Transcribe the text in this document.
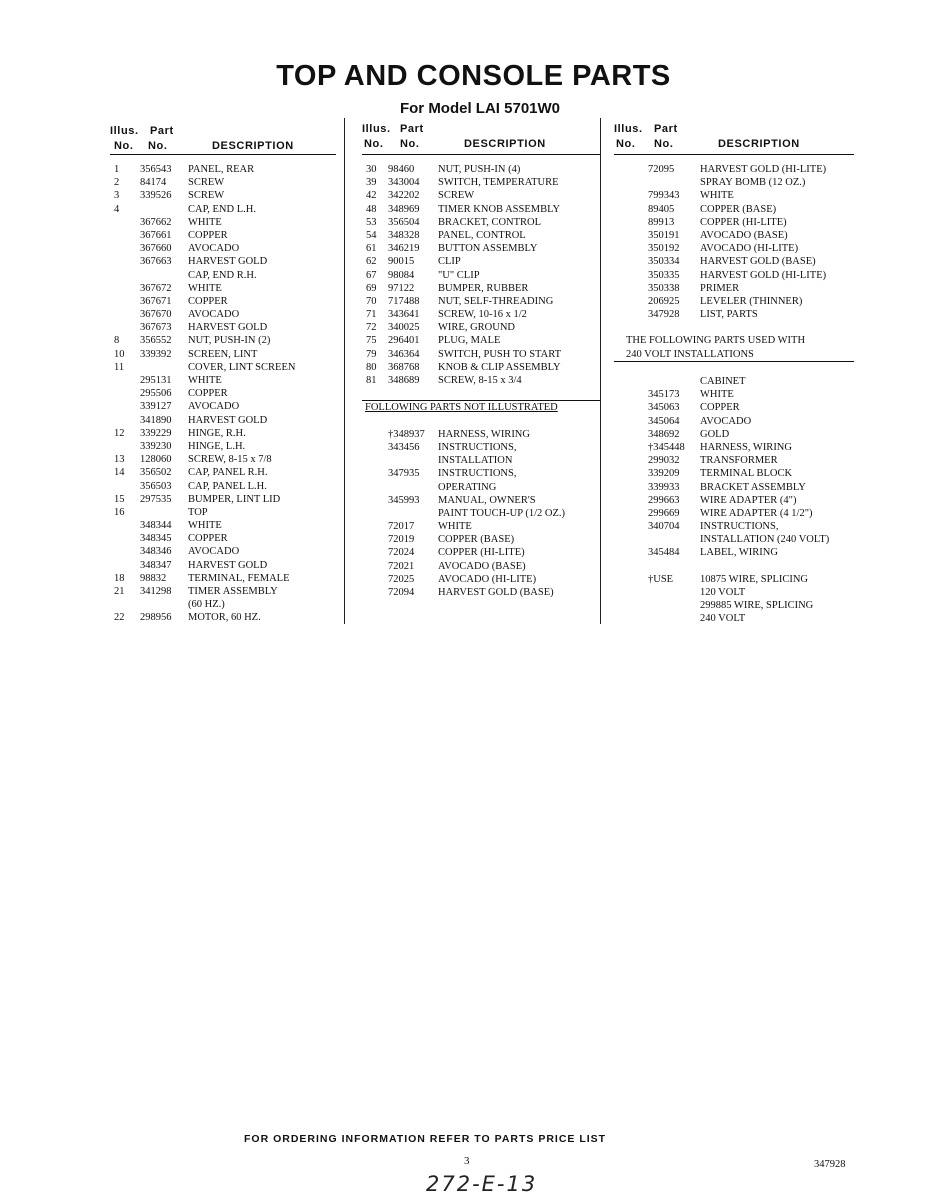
TOP AND CONSOLE PARTS
For Model LAI 5701W0
Illus. Part
No. No.	DESCRIPTION
1 356543 PANEL, REAR
2 84174 SCREW
3 339526 SCREW
4	CAP, END L.H.
367662 WHITE
367661 COPPER
367660 AVOCADO
367663 HARVEST GOLD
CAP, END R.H.
367672 WHITE
367671 COPPER
367670 AVOCADO
367673 HARVEST GOLD
8 356552 NUT, PUSH-IN (2)
10 339392 SCREEN, LINT
11	COVER, LINT SCREEN
295131 WHITE
295506 COPPER
339127 AVOCADO
341890 HARVEST GOLD
12 339229 HINGE, R.H.
339230 HINGE, L.H.
13 128060 SCREW, 8-15 x 7/8
14 356502 CAP, PANEL R.H.
356503 CAP, PANEL L.H.
15 297535 BUMPER, LINT LID
16	TOP
348344 WHITE
348345 COPPER
348346 AVOCADO
348347 HARVEST GOLD
18 98832 TERMINAL, FEMALE
21 341298 TIMER ASSEMBLY
(60 HZ.)
22 298956 MOTOR, 60 HZ.
Illus. Part
No. No.	DESCRIPTION
30 98460 NUT, PUSH-IN (4)
39 343004 SWITCH, TEMPERATURE
42 342202 SCREW
48 348969 TIMER KNOB ASSEMBLY
53 356504 BRACKET, CONTROL
54 348328 PANEL, CONTROL
61 346219 BUTTON ASSEMBLY
62 90015 CLIP
67 98084 "U" CLIP
69 97122 BUMPER, RUBBER
70 717488 NUT, SELF-THREADING
71 343641 SCREW, 10-16 x 1/2
72 340025 WIRE, GROUND
75 296401 PLUG, MALE
79 346364 SWITCH, PUSH TO START
80 368768 KNOB & CLIP ASSEMBLY
81 348689 SCREW, 8-15 x 3/4
FOLLOWING PARTS NOT ILLUSTRATED
†348937 HARNESS, WIRING
343456 INSTRUCTIONS,
INSTALLATION
347935 INSTRUCTIONS,
OPERATING
345993 MANUAL, OWNER'S
PAINT TOUCH-UP (1/2 OZ.)
72017 WHITE
72019 COPPER (BASE)
72024 COPPER (HI-LITE)
72021 AVOCADO (BASE)
72025 AVOCADO (HI-LITE)
72094 HARVEST GOLD (BASE)
Illus. Part
No. No.	DESCRIPTION
72095 HARVEST GOLD (HI-LITE)
SPRAY BOMB (12 OZ.)
799343 WHITE
89405 COPPER (BASE)
89913 COPPER (HI-LITE)
350191 AVOCADO (BASE)
350192 AVOCADO (HI-LITE)
350334 HARVEST GOLD (BASE)
350335 HARVEST GOLD (HI-LITE)
350338 PRIMER
206925 LEVELER (THINNER)
347928 LIST, PARTS
THE FOLLOWING PARTS USED WITH
240 VOLT INSTALLATIONS
CABINET
345173 WHITE
345063 COPPER
345064 AVOCADO
348692 GOLD
†345448 HARNESS, WIRING
299032 TRANSFORMER
339209 TERMINAL BLOCK
339933 BRACKET ASSEMBLY
299663 WIRE ADAPTER (4")
299669 WIRE ADAPTER (4 1/2")
340704 INSTRUCTIONS,
INSTALLATION (240 VOLT)
345484 LABEL, WIRING
†USE	10875 WIRE, SPLICING
120 VOLT
299885 WIRE, SPLICING
240 VOLT
FOR ORDERING INFORMATION REFER TO PARTS PRICE LIST
3	347928
272-E-13
